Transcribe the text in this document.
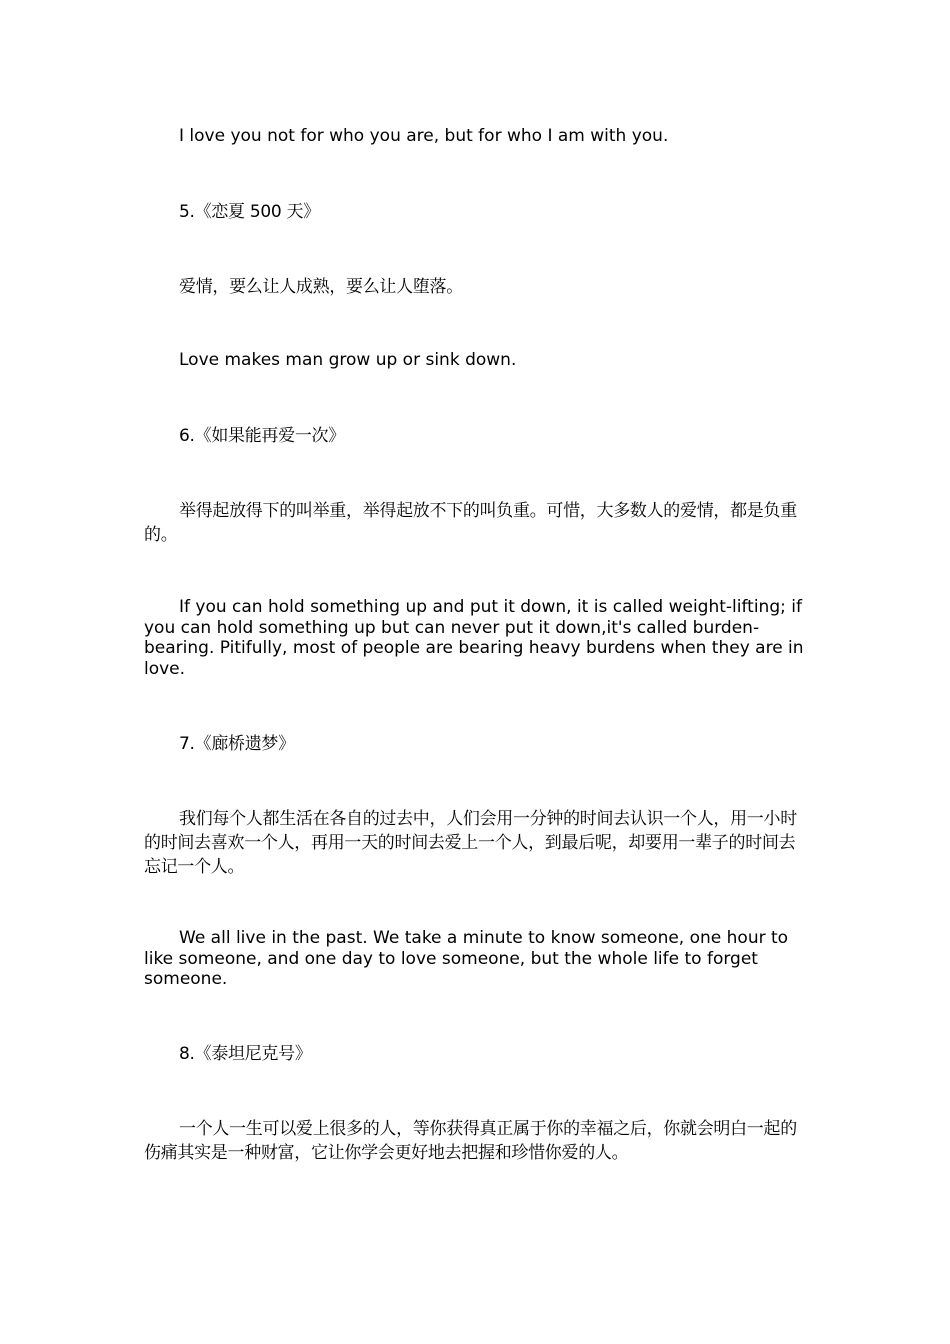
I love you not for who you are, but for who I am with you.

5.《恋夏 500 天》

爱情，要么让人成熟，要么让人堕落。

Love makes man grow up or sink down.

6.《如果能再爱一次》

举得起放得下的叫举重，举得起放不下的叫负重。可惜，大多数人的爱情，都是负重的。

If you can hold something up and put it down, it is called weight-lifting; if you can hold something up but can never put it down,it's called burden-bearing. Pitifully, most of people are bearing heavy burdens when they are in love.

7.《廊桥遗梦》

我们每个人都生活在各自的过去中，人们会用一分钟的时间去认识一个人，用一小时的时间去喜欢一个人，再用一天的时间去爱上一个人，到最后呢，却要用一辈子的时间去忘记一个人。

We all live in the past. We take a minute to know someone, one hour to like someone, and one day to love someone, but the whole life to forget someone.

8.《泰坦尼克号》

一个人一生可以爱上很多的人，等你获得真正属于你的幸福之后，你就会明白一起的伤痛其实是一种财富，它让你学会更好地去把握和珍惜你爱的人。
